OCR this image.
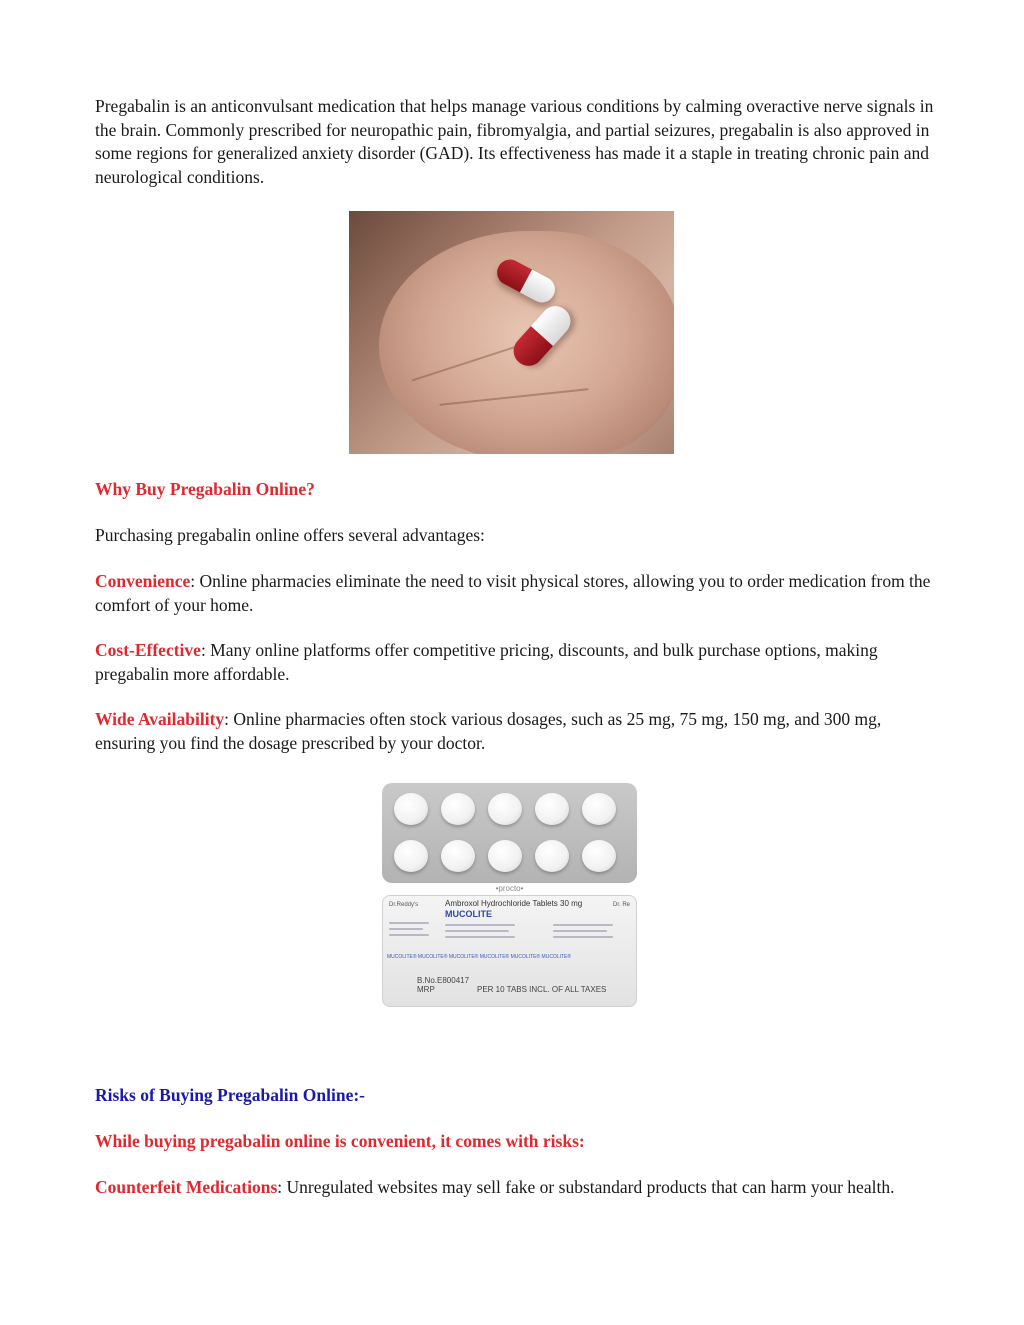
Pregabalin is an anticonvulsant medication that helps manage various conditions by calming overactive nerve signals in the brain. Commonly prescribed for neuropathic pain, fibromyalgia, and partial seizures, pregabalin is also approved in some regions for generalized anxiety disorder (GAD). Its effectiveness has made it a staple in treating chronic pain and neurological conditions.

Why Buy Pregabalin Online?

Purchasing pregabalin online offers several advantages:

Convenience: Online pharmacies eliminate the need to visit physical stores, allowing you to order medication from the comfort of your home.

Cost-Effective: Many online platforms offer competitive pricing, discounts, and bulk purchase options, making pregabalin more affordable.

Wide Availability: Online pharmacies often stock various dosages, such as 25 mg, 75 mg, 150 mg, and 300 mg, ensuring you find the dosage prescribed by your doctor.

•procto•
Dr.Reddy's	Dr. Re
Ambroxol Hydrochloride Tablets 30 mg
MUCOLITE
MUCOLITE® MUCOLITE® MUCOLITE® MUCOLITE® MUCOLITE® MUCOLITE®
B.No.E800417
MRP	PER 10 TABS INCL. OF ALL TAXES

Risks of Buying Pregabalin Online:-

While buying pregabalin online is convenient, it comes with risks:

Counterfeit Medications: Unregulated websites may sell fake or substandard products that can harm your health.
